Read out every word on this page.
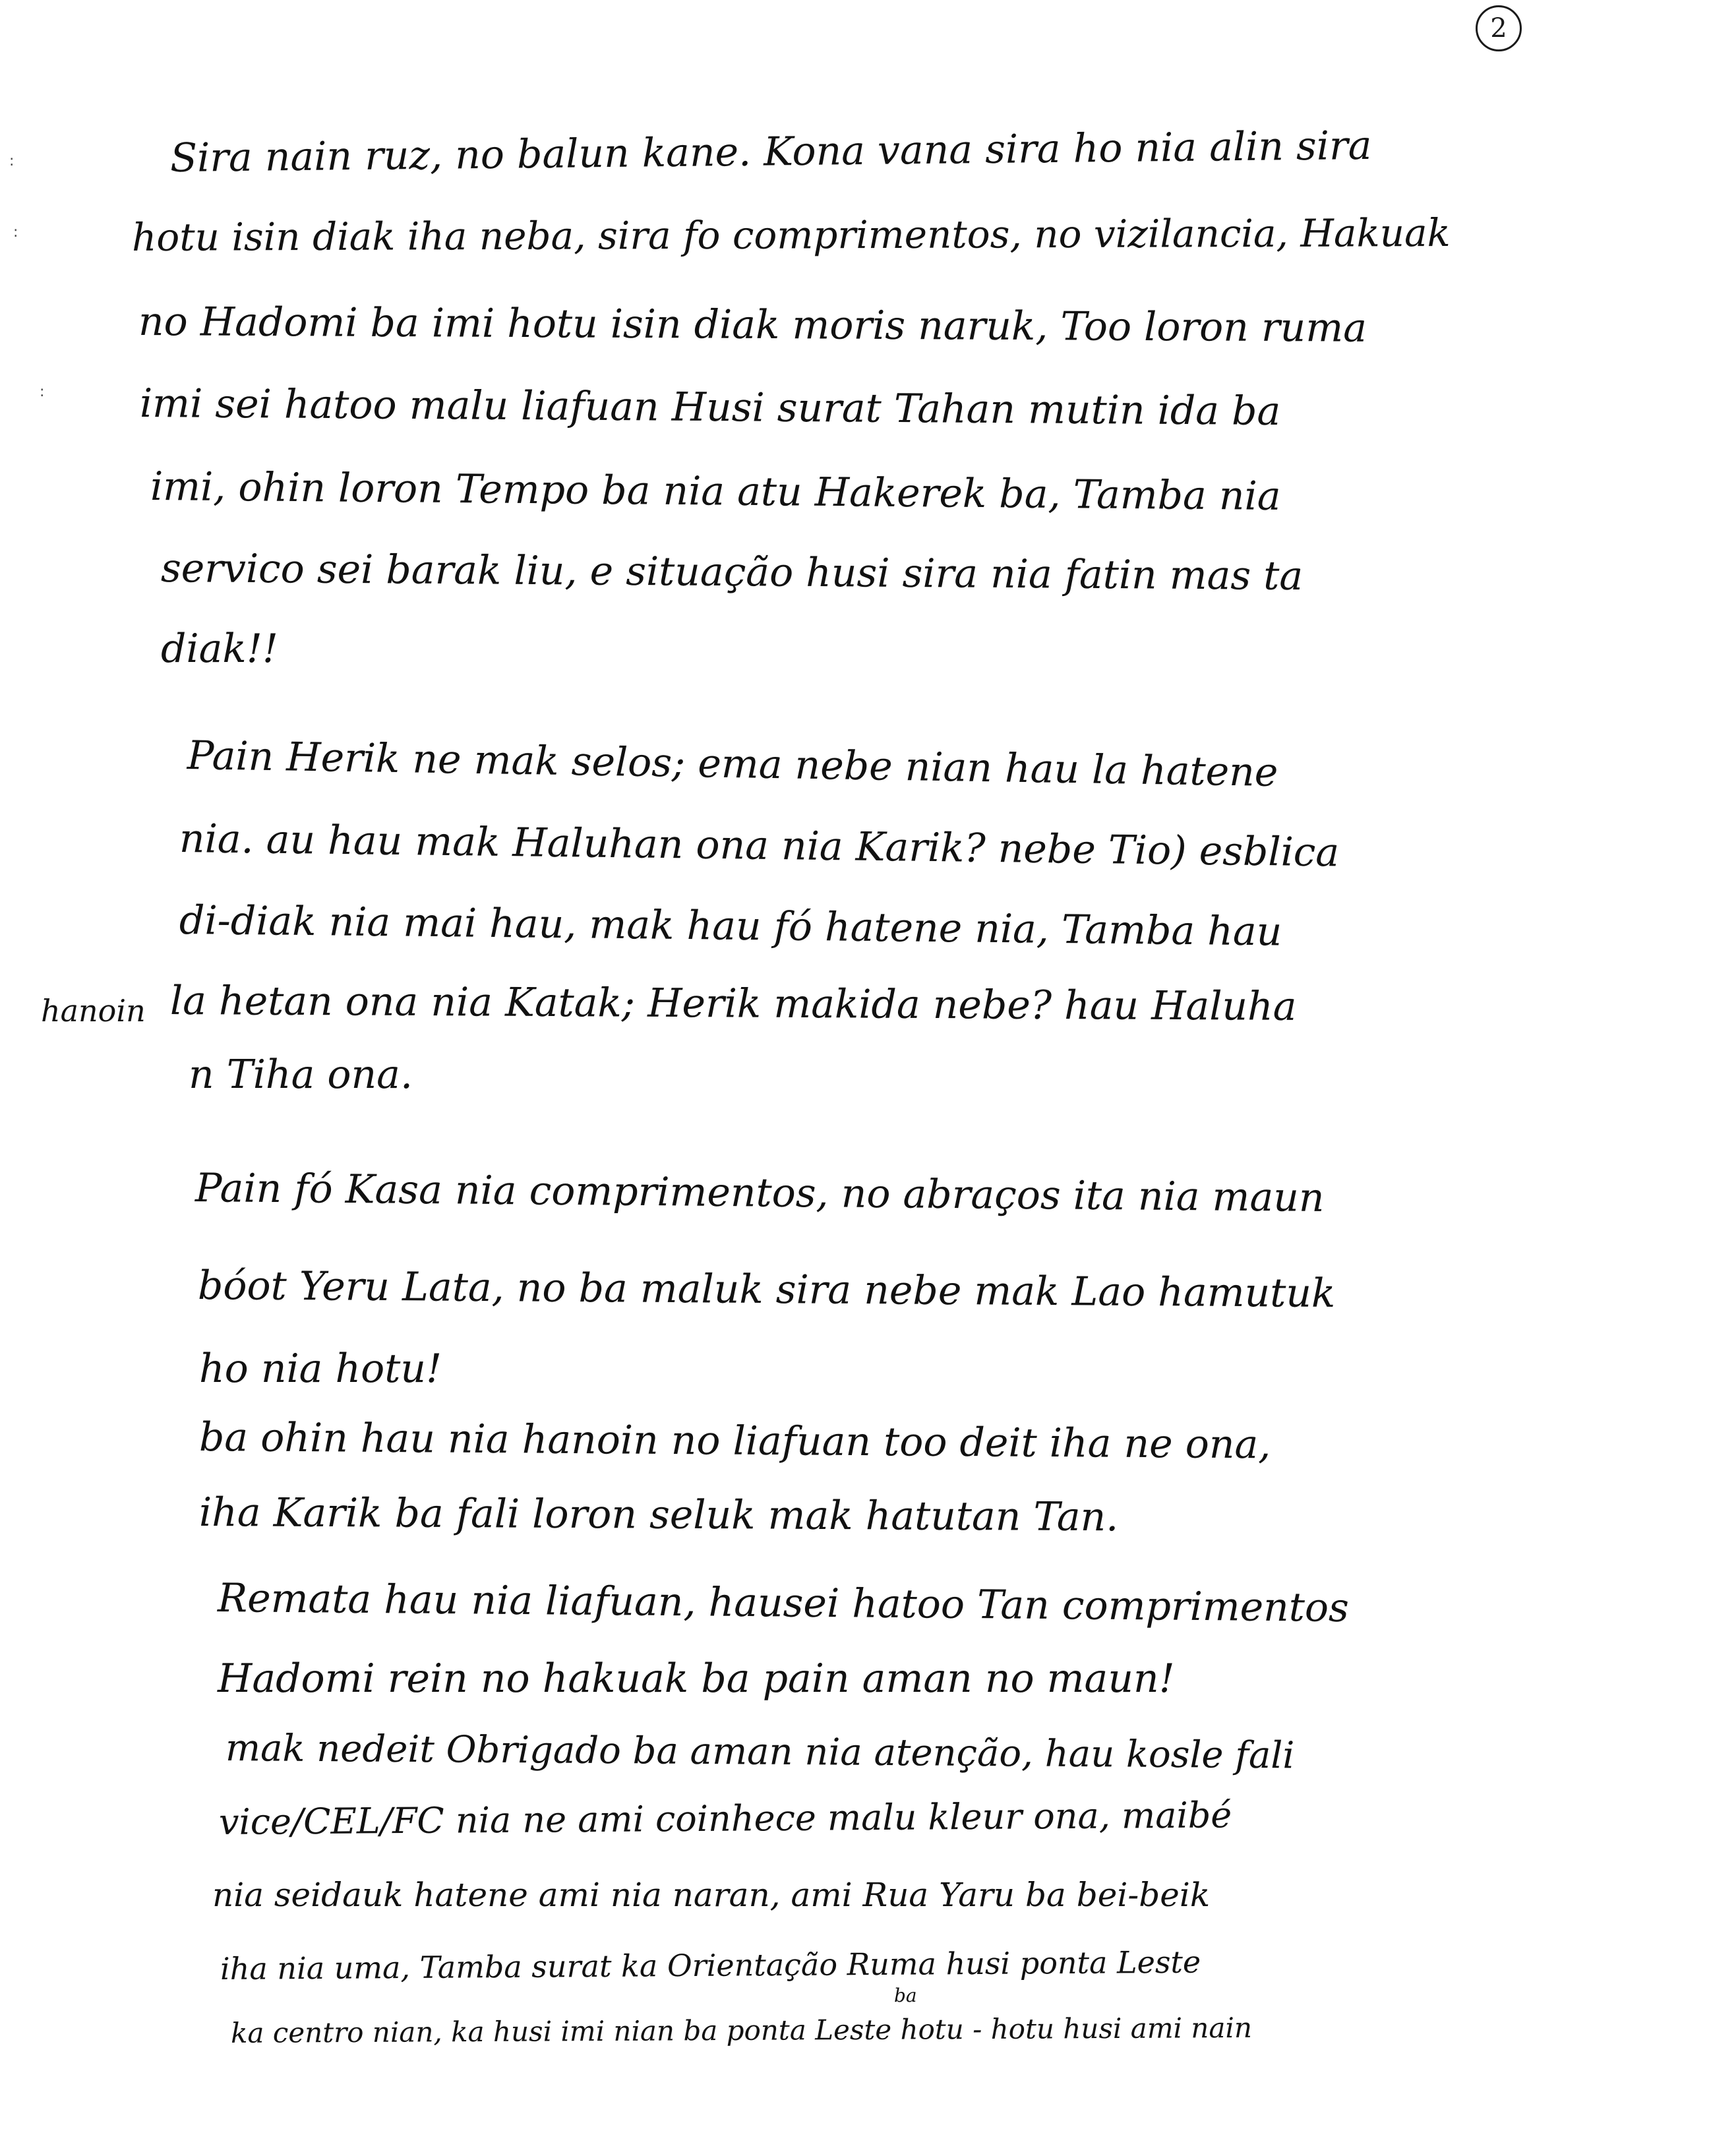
2
:
:
:
Sira nain ruz, no balun kane. Kona vana sira ho nia alin sira
hotu isin diak iha neba, sira fo comprimentos, no vizilancia, Hakuak
no Hadomi ba imi hotu isin diak moris naruk, Too loron ruma
imi sei hatoo malu liafuan Husi surat Tahan mutin ida ba
imi, ohin loron Tempo ba nia atu Hakerek ba, Tamba nia
servico sei barak liu, e situação husi sira nia fatin mas ta
diak!!
Pain Herik ne mak selos; ema nebe nian hau la hatene
nia. au hau mak Haluhan ona nia Karik? nebe Tio) esblica
di-diak nia mai hau, mak hau fó hatene nia, Tamba hau
hanoin la hetan ona nia Katak; Herik makida nebe? hau Haluha
n Tiha ona.
Pain fó Kasa nia comprimentos, no abraços ita nia maun
bóot Yeru Lata, no ba maluk sira nebe mak Lao hamutuk
ho nia hotu!
ba ohin hau nia hanoin no liafuan too deit iha ne ona,
iha Karik ba fali loron seluk mak hatutan Tan.
Remata hau nia liafuan, hausei hatoo Tan comprimentos
Hadomi rein no hakuak ba pain aman no maun!
mak nedeit Obrigado ba aman nia atenção, hau kosle fali
vice/CEL/FC nia ne ami coinhece malu kleur ona, maibé
nia seidauk hatene ami nia naran, ami Rua Yaru ba bei-beik
iha nia uma, Tamba surat ka Orientação Ruma husi ponta Leste
ba
ka centro nian, ka husi imi nian ba ponta Leste hotu - hotu husi ami nain
